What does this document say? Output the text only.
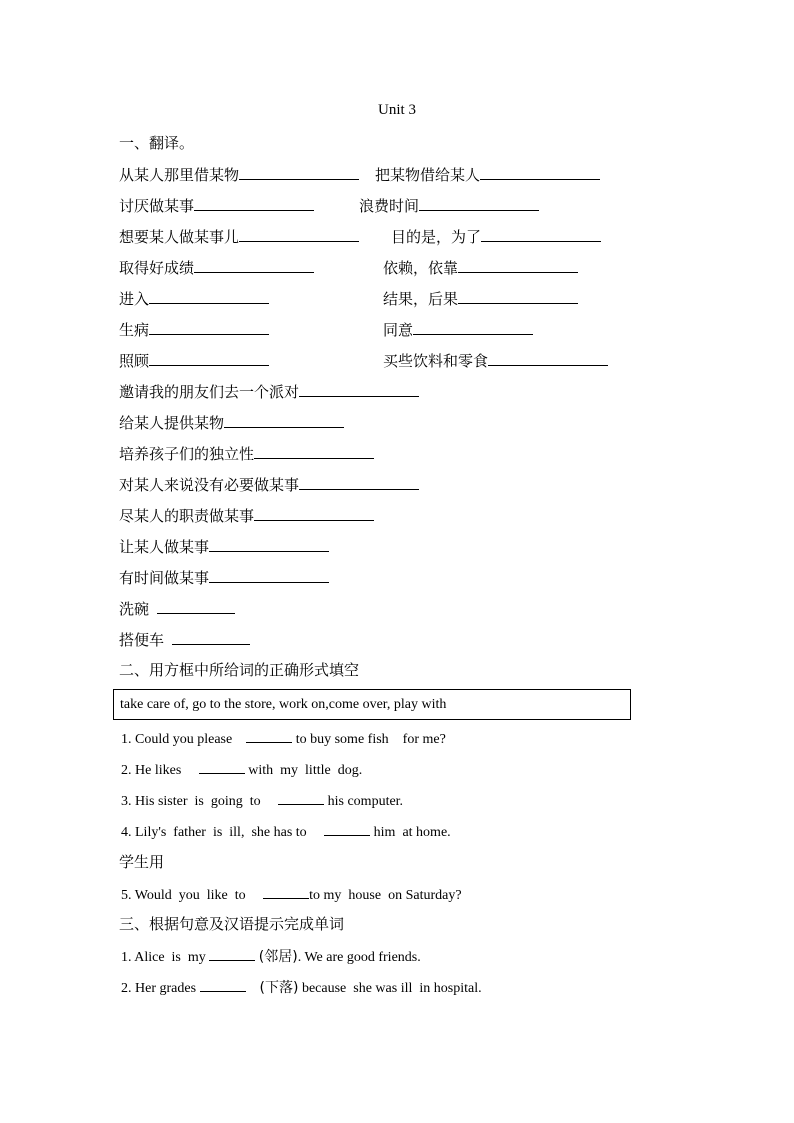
Unit 3
一、翻译。
从某人那里借某物	把某物借给某人
讨厌做某事	浪费时间
想要某人做某事儿	目的是，为了
取得好成绩	依赖，依靠
进入	结果，后果
生病	同意
照顾	买些饮料和零食
邀请我的朋友们去一个派对
给某人提供某物
培养孩子们的独立性
对某人来说没有必要做某事
尽某人的职责做某事
让某人做某事
有时间做某事
洗碗
搭便车
二、用方框中所给词的正确形式填空
take care of, go to the store, work on,come over, play with
1. Could you please	to buy some fish for me?
2. He likes	with  my  little  dog.
3. His sister  is  going  to	his computer.
4. Lily's  father  is  ill,  she has to	him  at home.
学生用
5. Would  you  like  to	to my  house  on Saturday?
三、根据句意及汉语提示完成单词
1. Alice  is  my	(邻居). We are good friends.
2. Her grades	(下落) because  she was ill  in hospital.
